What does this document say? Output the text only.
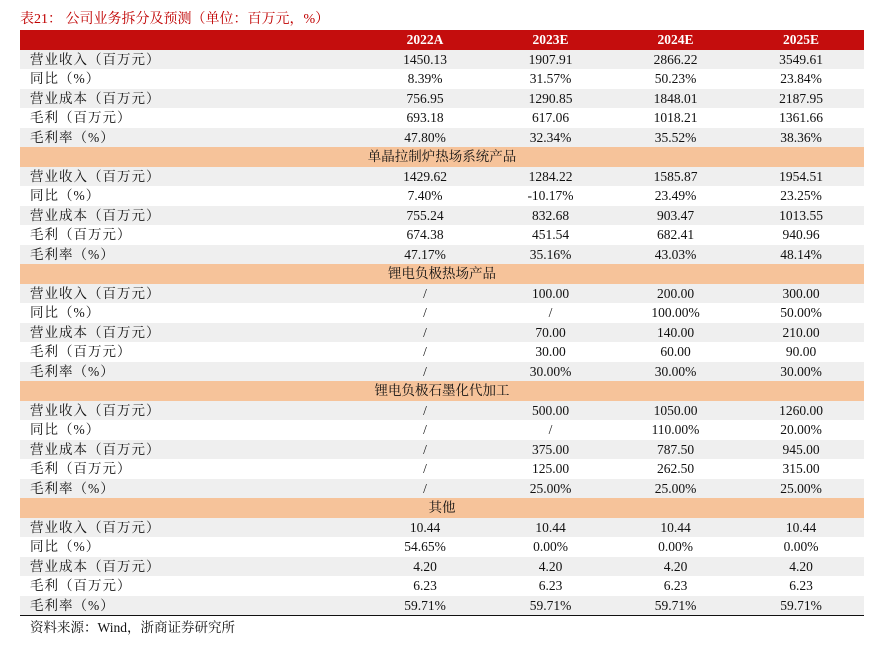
表21： 公司业务拆分及预测（单位：百万元，%）
	2022A	2023E	2024E	2025E
营业收入（百万元）	1450.13	1907.91	2866.22	3549.61
同比（%）	8.39%	31.57%	50.23%	23.84%
营业成本（百万元）	756.95	1290.85	1848.01	2187.95
毛利（百万元）	693.18	617.06	1018.21	1361.66
毛利率（%）	47.80%	32.34%	35.52%	38.36%
单晶拉制炉热场系统产品				
营业收入（百万元）	1429.62	1284.22	1585.87	1954.51
同比（%）	7.40%	-10.17%	23.49%	23.25%
营业成本（百万元）	755.24	832.68	903.47	1013.55
毛利（百万元）	674.38	451.54	682.41	940.96
毛利率（%）	47.17%	35.16%	43.03%	48.14%
锂电负极热场产品				
营业收入（百万元）	/	100.00	200.00	300.00
同比（%）	/	/	100.00%	50.00%
营业成本（百万元）	/	70.00	140.00	210.00
毛利（百万元）	/	30.00	60.00	90.00
毛利率（%）	/	30.00%	30.00%	30.00%
锂电负极石墨化代加工				
营业收入（百万元）	/	500.00	1050.00	1260.00
同比（%）	/	/	110.00%	20.00%
营业成本（百万元）	/	375.00	787.50	945.00
毛利（百万元）	/	125.00	262.50	315.00
毛利率（%）	/	25.00%	25.00%	25.00%
其他				
营业收入（百万元）	10.44	10.44	10.44	10.44
同比（%）	54.65%	0.00%	0.00%	0.00%
营业成本（百万元）	4.20	4.20	4.20	4.20
毛利（百万元）	6.23	6.23	6.23	6.23
毛利率（%）	59.71%	59.71%	59.71%	59.71%
资料来源：Wind，浙商证券研究所
